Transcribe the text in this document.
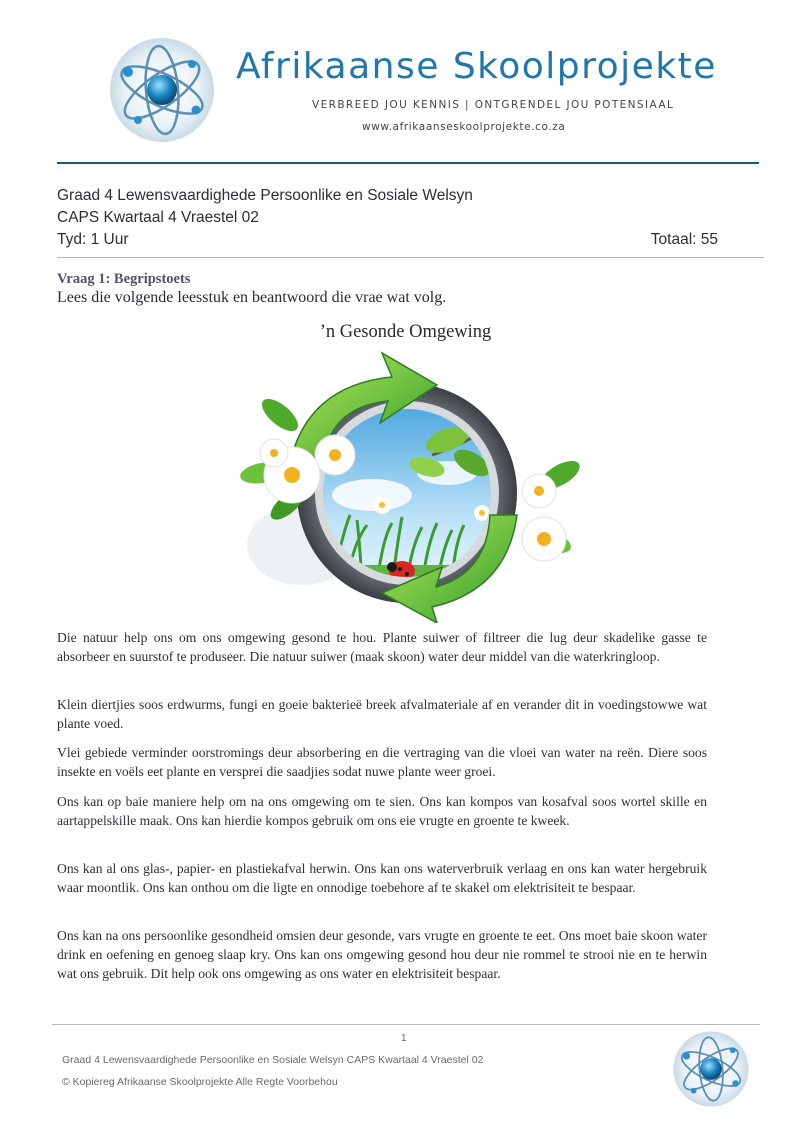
Afrikaanse Skoolprojekte
VERBREED JOU KENNIS | ONTGRENDEL JOU POTENSIAAL
www.afrikaanseskoolprojekte.co.za
Graad 4 Lewensvaardighede Persoonlike en Sosiale Welsyn
CAPS Kwartaal 4 Vraestel 02
Tyd: 1 Uur	Totaal: 55
Vraag 1: Begripstoets
Lees die volgende leesstuk en beantwoord die vrae wat volg.
’n Gesonde Omgewing

Die natuur help ons om ons omgewing gesond te hou. Plante suiwer of filtreer die lug deur skadelike gasse te absorbeer en suurstof te produseer. Die natuur suiwer (maak skoon) water deur middel van die waterkringloop.

Klein diertjies soos erdwurms, fungi en goeie bakterieë breek afvalmateriale af en verander dit in voedingstowwe wat plante voed.

Vlei gebiede verminder oorstromings deur absorbering en die vertraging van die vloei van water na reën. Diere soos insekte en voëls eet plante en versprei die saadjies sodat nuwe plante weer groei.

Ons kan op baie maniere help om na ons omgewing om te sien. Ons kan kompos van kosafval soos wortel skille en aartappelskille maak. Ons kan hierdie kompos gebruik om ons eie vrugte en groente te kweek.

Ons kan al ons glas-, papier- en plastiekafval herwin. Ons kan ons waterverbruik verlaag en ons kan water hergebruik waar moontlik. Ons kan onthou om die ligte en onnodige toebehore af te skakel om elektrisiteit te bespaar.

Ons kan na ons persoonlike gesondheid omsien deur gesonde, vars vrugte en groente te eet. Ons moet baie skoon water drink en oefening en genoeg slaap kry. Ons kan ons omgewing gesond hou deur nie rommel te strooi nie en te herwin wat ons gebruik. Dit help ook ons omgewing as ons water en elektrisiteit bespaar.

1
Graad 4 Lewensvaardighede Persoonlike en Sosiale Welsyn CAPS Kwartaal 4 Vraestel 02
© Kopiereg Afrikaanse Skoolprojekte Alle Regte Voorbehou
